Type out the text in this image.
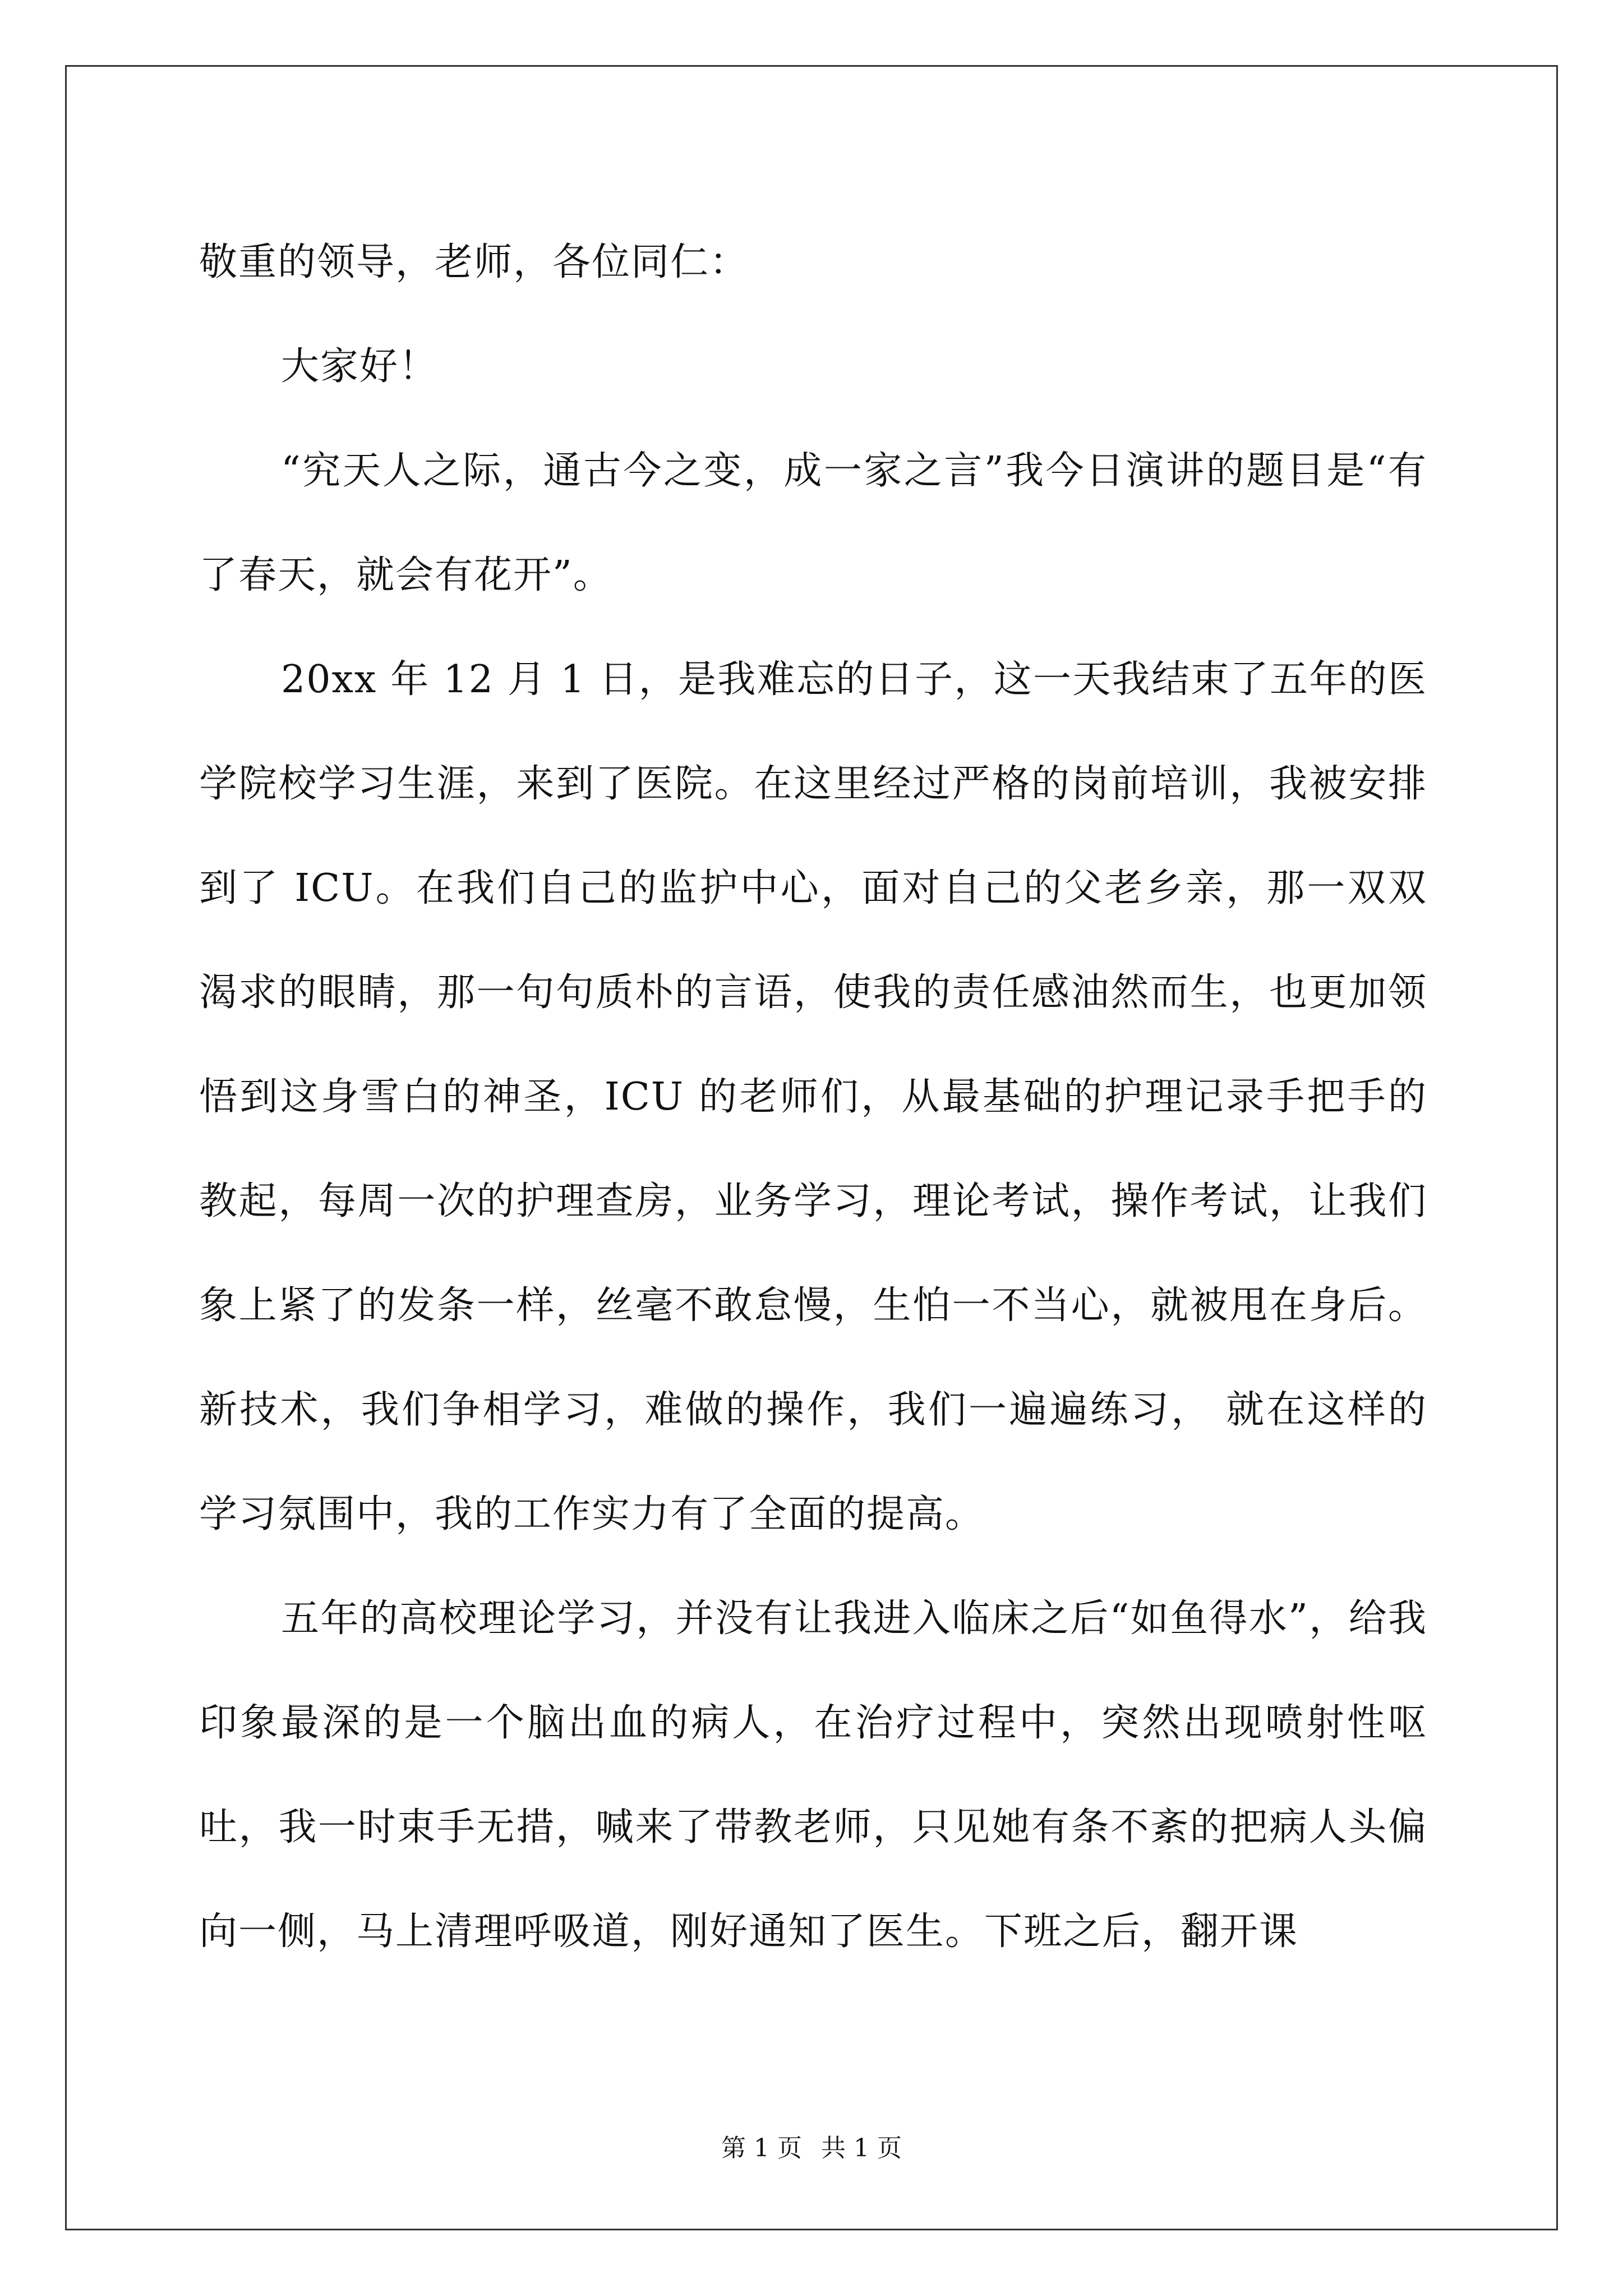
敬重的领导，老师，各位同仁：

大家好！

“究天人之际，通古今之变，成一家之言”我今日演讲的题目是“有了春天，就会有花开”。

20xx 年 12 月 1 日，是我难忘的日子，这一天我结束了五年的医学院校学习生涯，来到了医院。在这里经过严格的岗前培训，我被安排到了 ICU。在我们自己的监护中心，面对自己的父老乡亲，那一双双渴求的眼睛，那一句句质朴的言语，使我的责任感油然而生，也更加领悟到这身雪白的神圣，ICU 的老师们，从最基础的护理记录手把手的教起，每周一次的护理查房，业务学习，理论考试，操作考试，让我们象上紧了的发条一样，丝毫不敢怠慢，生怕一不当心，就被甩在身后。新技术，我们争相学习，难做的操作，我们一遍遍练习， 就在这样的学习氛围中，我的工作实力有了全面的提高。

五年的高校理论学习，并没有让我进入临床之后“如鱼得水”，给我印象最深的是一个脑出血的病人，在治疗过程中，突然出现喷射性呕吐，我一时束手无措，喊来了带教老师，只见她有条不紊的把病人头偏向一侧，马上清理呼吸道，刚好通知了医生。下班之后，翻开课

第 1 页 共 1 页
